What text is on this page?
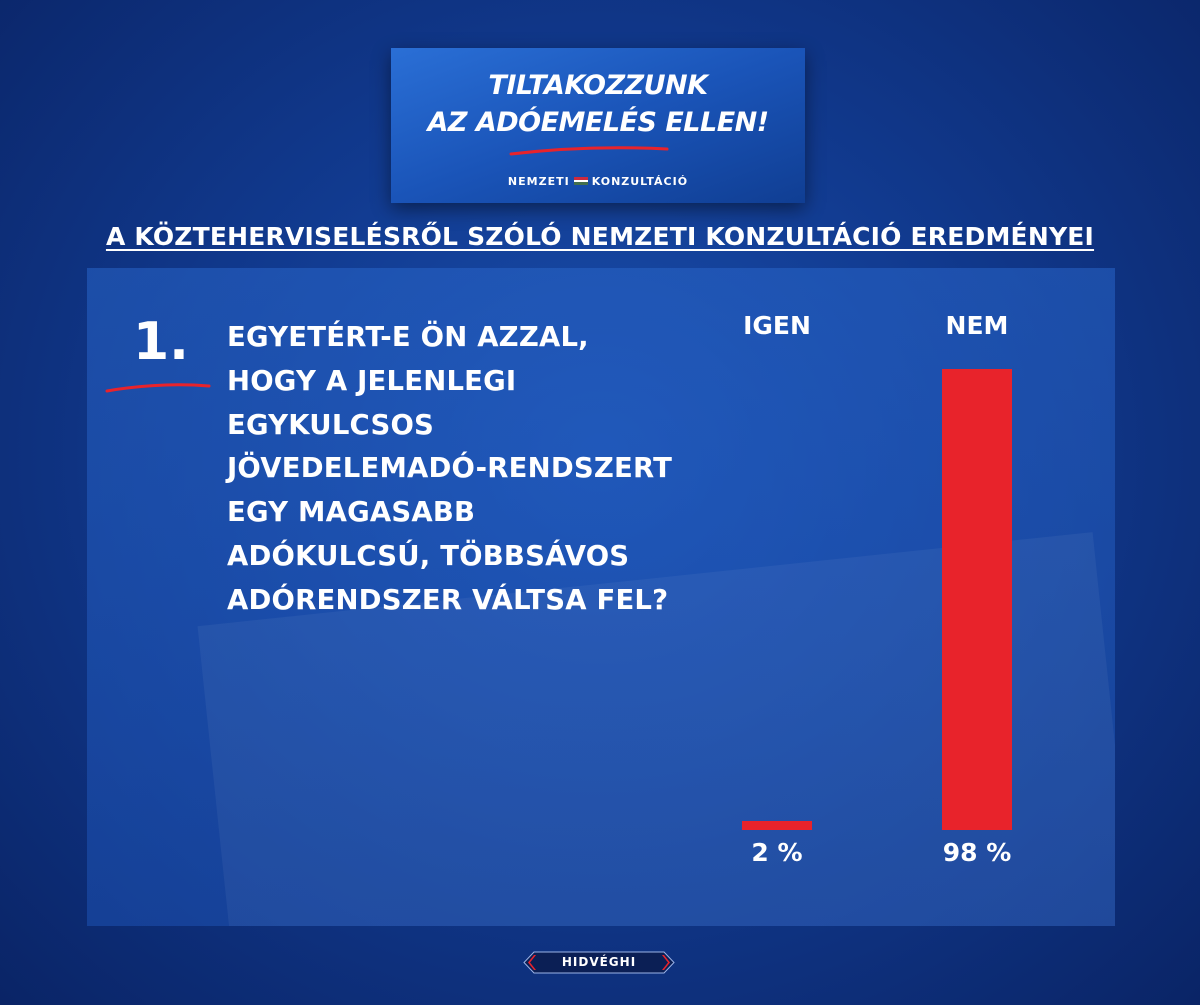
TILTAKOZZUNK
AZ ADÓEMELÉS ELLEN!
NEMZETI KONZULTÁCIÓ
A KÖZTEHERVISELÉSRŐL SZÓLÓ NEMZETI KONZULTÁCIÓ EREDMÉNYEI
1. EGYETÉRT-E ÖN AZZAL,
HOGY A JELENLEGI
EGYKULCSOS
JÖVEDELEMADÓ-RENDSZERT
EGY MAGASABB
ADÓKULCSÚ, TÖBBSÁVOS
ADÓRENDSZER VÁLTSA FEL?
IGEN
2 %
NEM
98 %
HIDVÉGHI
